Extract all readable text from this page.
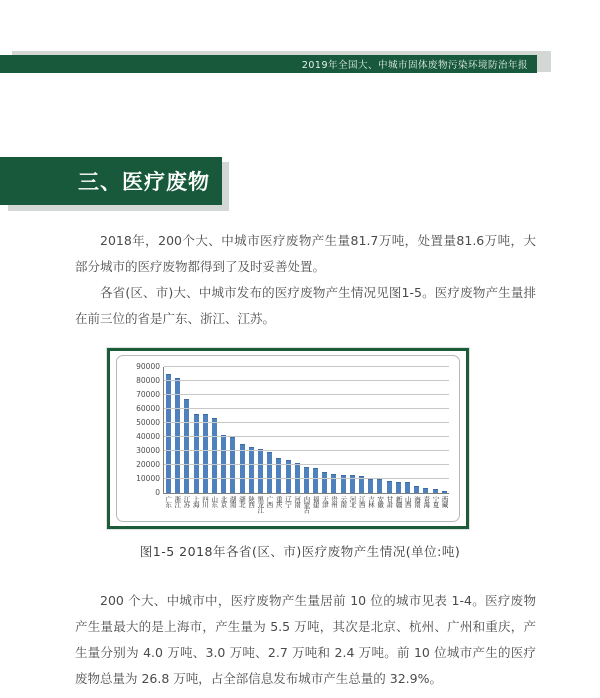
2019年全国大、中城市固体废物污染环境防治年报
三、医疗废物

2018年，200个大、中城市医疗废物产生量81.7万吨，处置量81.6万吨，大部分城市的医疗废物都得到了及时妥善处置。

各省(区、市)大、中城市发布的医疗废物产生情况见图1-5。医疗废物产生量排在前三位的省是广东、浙江、江苏。

0
10000
20000
30000
40000
50000
60000
70000
80000
90000
广东 浙江 江苏 上海 四川 山东 北京 湖南 湖北 陕西 黑龙江 广西 重庆 辽宁 河南 内蒙古 福建 天津 贵州 云南 河北 江西 吉林 安徽 甘肃 新疆 山西 海南 青海 宁夏 西藏
图1-5 2018年各省(区、市)医疗废物产生情况(单位:吨)

200 个大、中城市中，医疗废物产生量居前 10 位的城市见表 1-4。医疗废物产生量最大的是上海市，产生量为 5.5 万吨，其次是北京、杭州、广州和重庆，产生量分别为 4.0 万吨、3.0 万吨、2.7 万吨和 2.4 万吨。前 10 位城市产生的医疗废物总量为 26.8 万吨，占全部信息发布城市产生总量的 32.9%。
